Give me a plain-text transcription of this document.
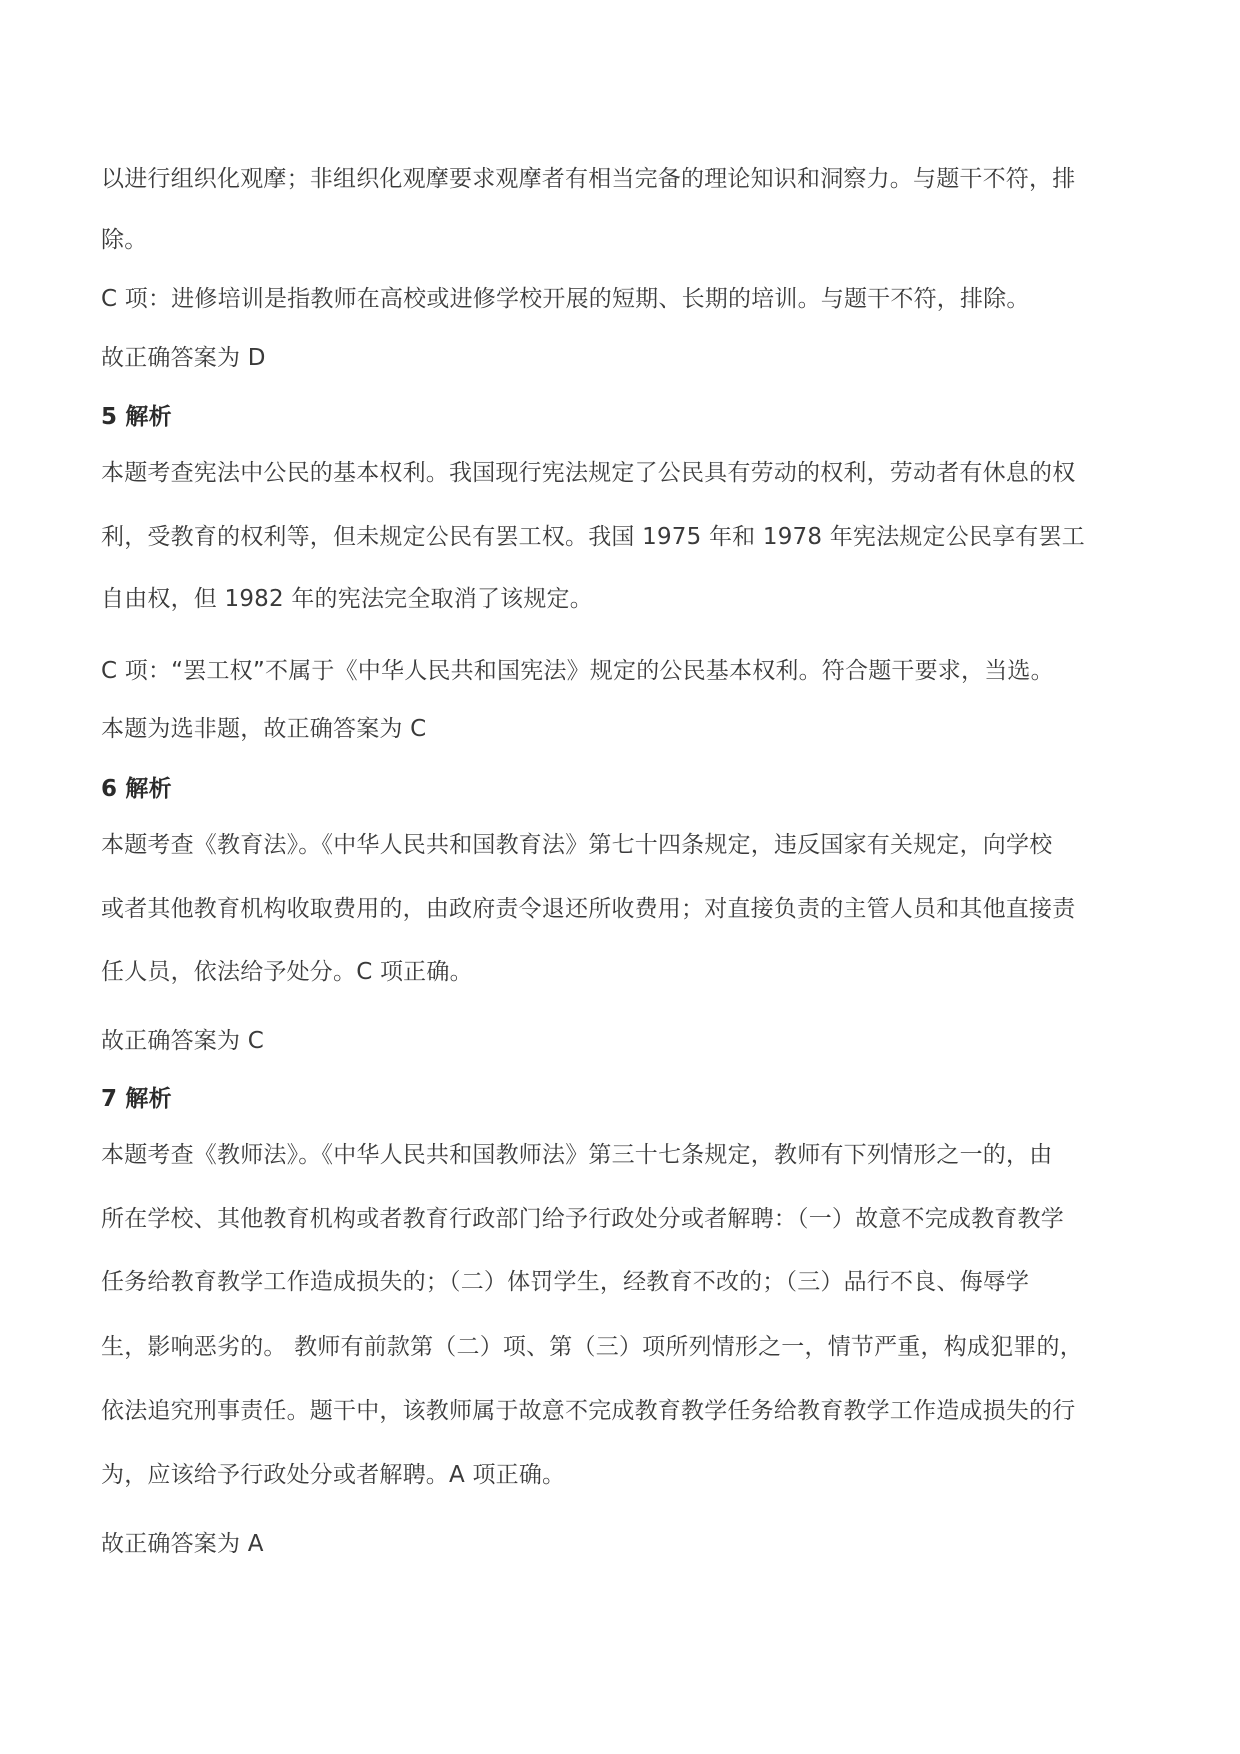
以进行组织化观摩；非组织化观摩要求观摩者有相当完备的理论知识和洞察力。与题干不符，排
除。
C 项：进修培训是指教师在高校或进修学校开展的短期、长期的培训。与题干不符，排除。
故正确答案为 D
5 解析
本题考查宪法中公民的基本权利。我国现行宪法规定了公民具有劳动的权利，劳动者有休息的权
利，受教育的权利等，但未规定公民有罢工权。我国 1975 年和 1978 年宪法规定公民享有罢工
自由权，但 1982 年的宪法完全取消了该规定。
C 项：“罢工权”不属于《中华人民共和国宪法》规定的公民基本权利。符合题干要求，当选。
本题为选非题，故正确答案为 C
6 解析
本题考查《教育法》。《中华人民共和国教育法》第七十四条规定，违反国家有关规定，向学校
或者其他教育机构收取费用的，由政府责令退还所收费用；对直接负责的主管人员和其他直接责
任人员，依法给予处分。C 项正确。
故正确答案为 C
7 解析
本题考查《教师法》。《中华人民共和国教师法》第三十七条规定，教师有下列情形之一的，由
所在学校、其他教育机构或者教育行政部门给予行政处分或者解聘：（一）故意不完成教育教学
任务给教育教学工作造成损失的；（二）体罚学生，经教育不改的；（三）品行不良、侮辱学
生，影响恶劣的。 教师有前款第（二）项、第（三）项所列情形之一，情节严重，构成犯罪的，
依法追究刑事责任。题干中，该教师属于故意不完成教育教学任务给教育教学工作造成损失的行
为，应该给予行政处分或者解聘。A 项正确。
故正确答案为 A
